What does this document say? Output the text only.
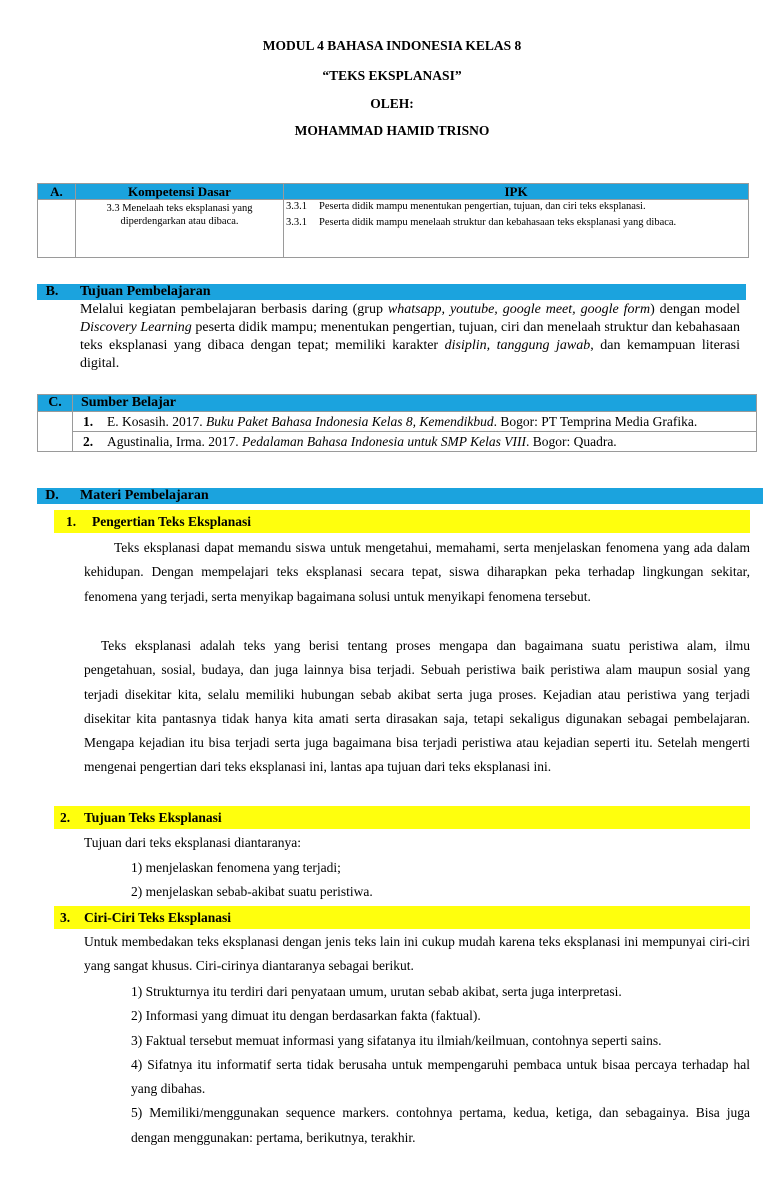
MODUL 4 BAHASA INDONESIA KELAS 8
“TEKS EKSPLANASI”
OLEH:
MOHAMMAD HAMID TRISNO
A.	Kompetensi Dasar	IPK
	3.3 Menelaah teks eksplanasi yang diperdengarkan atau dibaca.	3.3.1 Peserta didik mampu menentukan pengertian, tujuan, dan ciri teks eksplanasi.
3.3.1 Peserta didik mampu menelaah struktur dan kebahasaan teks eksplanasi yang dibaca.
B.	Tujuan Pembelajaran
Melalui kegiatan pembelajaran berbasis daring (grup whatsapp, youtube, google meet, google form) dengan model Discovery Learning peserta didik mampu; menentukan pengertian, tujuan, ciri dan menelaah struktur dan kebahasaan teks eksplanasi yang dibaca dengan tepat; memiliki karakter disiplin, tanggung jawab, dan kemampuan literasi digital.
C.	Sumber Belajar

	1. E. Kosasih. 2017. Buku Paket Bahasa Indonesia Kelas 8, Kemendikbud. Bogor: PT Temprina Media Grafika.

	2. Agustinalia, Irma. 2017. Pedalaman Bahasa Indonesia untuk SMP Kelas VIII. Bogor: Quadra.
D.	Materi Pembelajaran
1. Pengertian Teks Eksplanasi
Teks eksplanasi dapat memandu siswa untuk mengetahui, memahami, serta menjelaskan fenomena yang ada dalam kehidupan. Dengan mempelajari teks eksplanasi secara tepat, siswa diharapkan peka terhadap lingkungan sekitar, fenomena yang terjadi, serta menyikap bagaimana solusi untuk menyikapi fenomena tersebut.
Teks eksplanasi adalah teks yang berisi tentang proses mengapa dan bagaimana suatu peristiwa alam, ilmu pengetahuan, sosial, budaya, dan juga lainnya bisa terjadi. Sebuah peristiwa baik peristiwa alam maupun sosial yang terjadi disekitar kita, selalu memiliki hubungan sebab akibat serta juga proses. Kejadian atau peristiwa yang terjadi disekitar kita pantasnya tidak hanya kita amati serta dirasakan saja, tetapi sekaligus digunakan sebagai pembelajaran. Mengapa kejadian itu bisa terjadi serta juga bagaimana bisa terjadi peristiwa atau kejadian seperti itu. Setelah mengerti mengenai pengertian dari teks eksplanasi ini, lantas apa tujuan dari teks eksplanasi ini.
2. Tujuan Teks Eksplanasi
Tujuan dari teks eksplanasi diantaranya:
1) menjelaskan fenomena yang terjadi;
2) menjelaskan sebab-akibat suatu peristiwa.
3. Ciri-Ciri Teks Eksplanasi
Untuk membedakan teks eksplanasi dengan jenis teks lain ini cukup mudah karena teks eksplanasi ini mempunyai ciri-ciri yang sangat khusus. Ciri-cirinya diantaranya sebagai berikut.
1) Strukturnya itu terdiri dari penyataan umum, urutan sebab akibat, serta juga interpretasi.
2) Informasi yang dimuat itu dengan berdasarkan fakta (faktual).
3) Faktual tersebut memuat informasi yang sifatanya itu ilmiah/keilmuan, contohnya seperti sains.
4) Sifatnya itu informatif serta tidak berusaha untuk mempengaruhi pembaca untuk bisaa percaya terhadap hal yang dibahas.
5) Memiliki/menggunakan sequence markers. contohnya pertama, kedua, ketiga, dan sebagainya. Bisa juga dengan menggunakan: pertama, berikutnya, terakhir.
